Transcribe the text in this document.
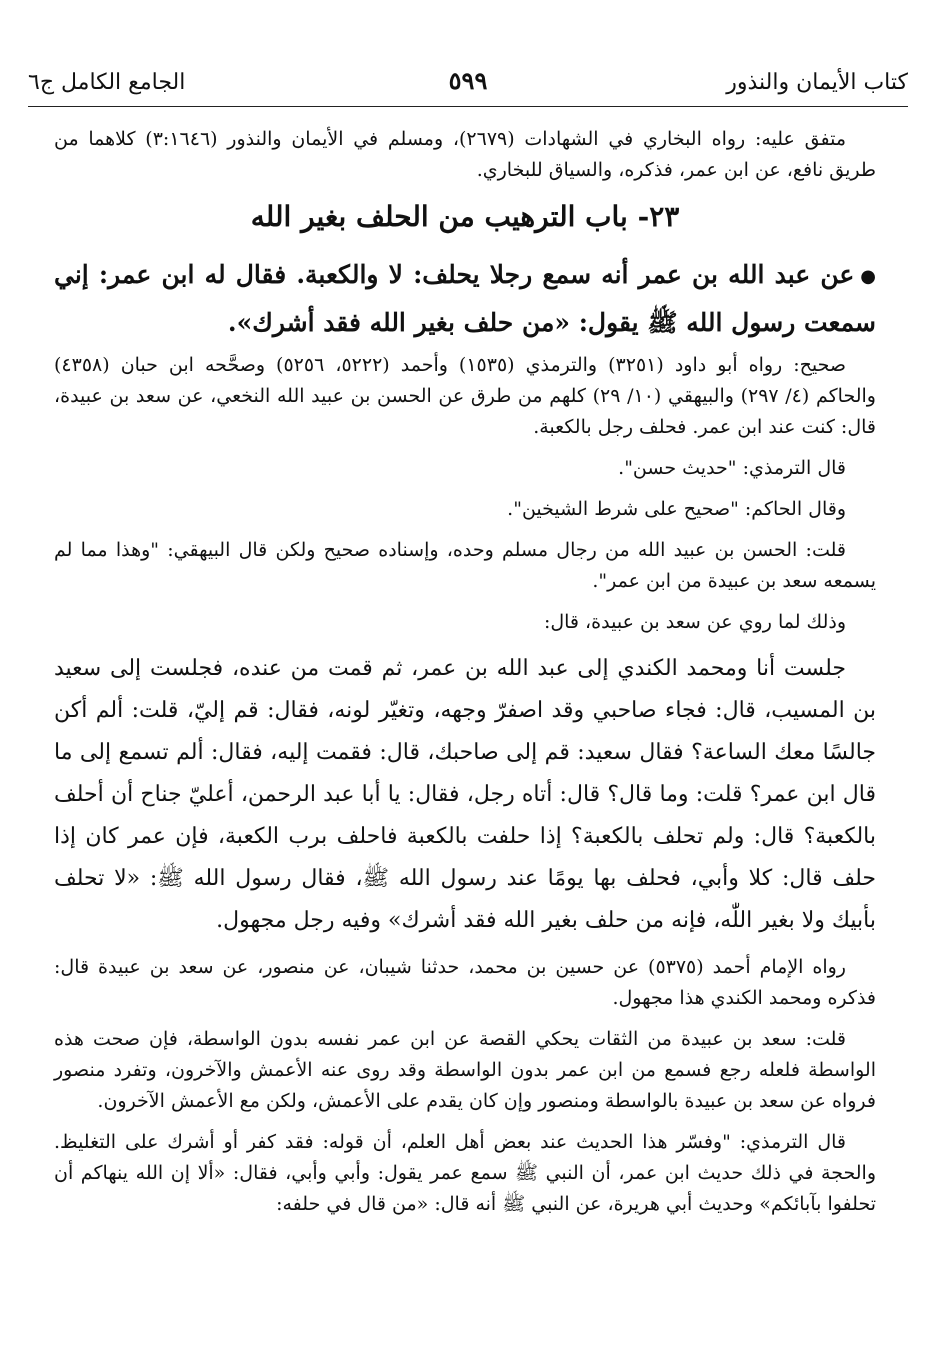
كتاب الأيمان والنذور
٥٩٩
الجامع الكامل ج٦

متفق عليه: رواه البخاري في الشهادات (٢٦٧٩)، ومسلم في الأيمان والنذور (٣:١٦٤٦) كلاهما من طريق نافع، عن ابن عمر، فذكره، والسياق للبخاري.

٢٣- باب الترهيب من الحلف بغير الله

●عن عبد الله بن عمر أنه سمع رجلا يحلف: لا والكعبة. فقال له ابن عمر: إني سمعت رسول الله ﷺ يقول: «من حلف بغير الله فقد أشرك».

صحيح: رواه أبو داود (٣٢٥١) والترمذي (١٥٣٥) وأحمد (٥٢٢٢، ٥٢٥٦) وصحَّحه ابن حبان (٤٣٥٨) والحاكم (٤/ ٢٩٧) والبيهقي (١٠/ ٢٩) كلهم من طرق عن الحسن بن عبيد الله النخعي، عن سعد بن عبيدة، قال: كنت عند ابن عمر. فحلف رجل بالكعبة.

قال الترمذي: "حديث حسن".

وقال الحاكم: "صحيح على شرط الشيخين".

قلت: الحسن بن عبيد الله من رجال مسلم وحده، وإسناده صحيح ولكن قال البيهقي: "وهذا مما لم يسمعه سعد بن عبيدة من ابن عمر".

وذلك لما روي عن سعد بن عبيدة، قال:

جلست أنا ومحمد الكندي إلى عبد الله بن عمر، ثم قمت من عنده، فجلست إلى سعيد بن المسيب، قال: فجاء صاحبي وقد اصفرّ وجهه، وتغيّر لونه، فقال: قم إليّ، قلت: ألم أكن جالسًا معك الساعة؟ فقال سعيد: قم إلى صاحبك، قال: فقمت إليه، فقال: ألم تسمع إلى ما قال ابن عمر؟ قلت: وما قال؟ قال: أتاه رجل، فقال: يا أبا عبد الرحمن، أعليّ جناح أن أحلف بالكعبة؟ قال: ولم تحلف بالكعبة؟ إذا حلفت بالكعبة فاحلف برب الكعبة، فإن عمر كان إذا حلف قال: كلا وأبي، فحلف بها يومًا عند رسول الله ﷺ، فقال رسول الله ﷺ: «لا تحلف بأبيك ولا بغير اللّٰه، فإنه من حلف بغير الله فقد أشرك» وفيه رجل مجهول.

رواه الإمام أحمد (٥٣٧٥) عن حسين بن محمد، حدثنا شيبان، عن منصور، عن سعد بن عبيدة قال: فذكره ومحمد الكندي هذا مجهول.

قلت: سعد بن عبيدة من الثقات يحكي القصة عن ابن عمر نفسه بدون الواسطة، فإن صحت هذه الواسطة فلعله رجع فسمع من ابن عمر بدون الواسطة وقد روى عنه الأعمش والآخرون، وتفرد منصور فرواه عن سعد بن عبيدة بالواسطة ومنصور وإن كان يقدم على الأعمش، ولكن مع الأعمش الآخرون.

قال الترمذي: "وفسّر هذا الحديث عند بعض أهل العلم، أن قوله: فقد كفر أو أشرك على التغليظ. والحجة في ذلك حديث ابن عمر، أن النبي ﷺ سمع عمر يقول: وأبي وأبي، فقال: «ألا إن الله ينهاكم أن تحلفوا بآبائكم» وحديث أبي هريرة، عن النبي ﷺ أنه قال: «من قال في حلفه:
